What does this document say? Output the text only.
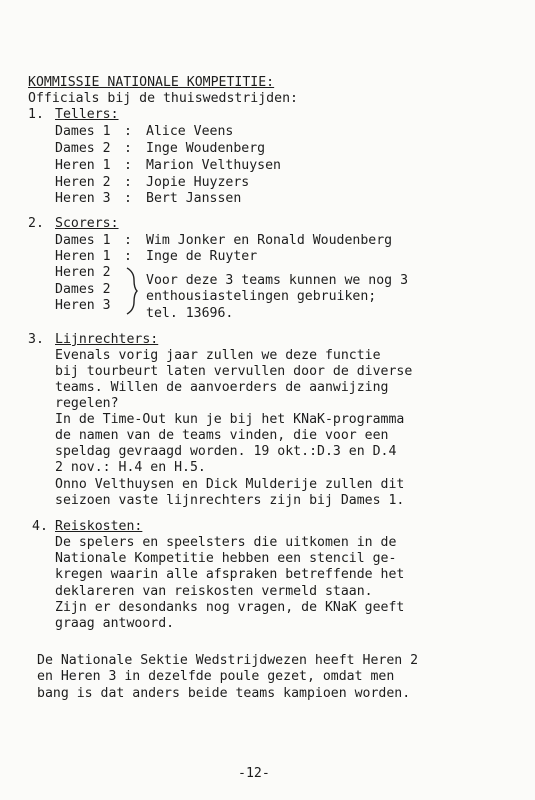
KOMMISSIE NATIONALE KOMPETITIE:
Officials bij de thuiswedstrijden:
1. Tellers:
Dames 1 : Alice Veens
Dames 2 : Inge Woudenberg
Heren 1 : Marion Velthuysen
Heren 2 : Jopie Huyzers
Heren 3 : Bert Janssen
2. Scorers:
Dames 1 : Wim Jonker en Ronald Woudenberg
Heren 1 : Inge de Ruyter
Heren 2
Dames 2
Heren 3
Voor deze 3 teams kunnen we nog 3
enthousiastelingen gebruiken;
tel. 13696.
3. Lijnrechters:
Evenals vorig jaar zullen we deze functie
bij tourbeurt laten vervullen door de diverse
teams. Willen de aanvoerders de aanwijzing
regelen?
In de Time-Out kun je bij het KNaK-programma
de namen van de teams vinden, die voor een
speldag gevraagd worden. 19 okt.:D.3 en D.4
2 nov.: H.4 en H.5.
Onno Velthuysen en Dick Mulderije zullen dit
seizoen vaste lijnrechters zijn bij Dames 1.
4. Reiskosten:
De spelers en speelsters die uitkomen in de
Nationale Kompetitie hebben een stencil ge-
kregen waarin alle afspraken betreffende het
deklareren van reiskosten vermeld staan.
Zijn er desondanks nog vragen, de KNaK geeft
graag antwoord.
De Nationale Sektie Wedstrijdwezen heeft Heren 2
en Heren 3 in dezelfde poule gezet, omdat men
bang is dat anders beide teams kampioen worden.
-12-
